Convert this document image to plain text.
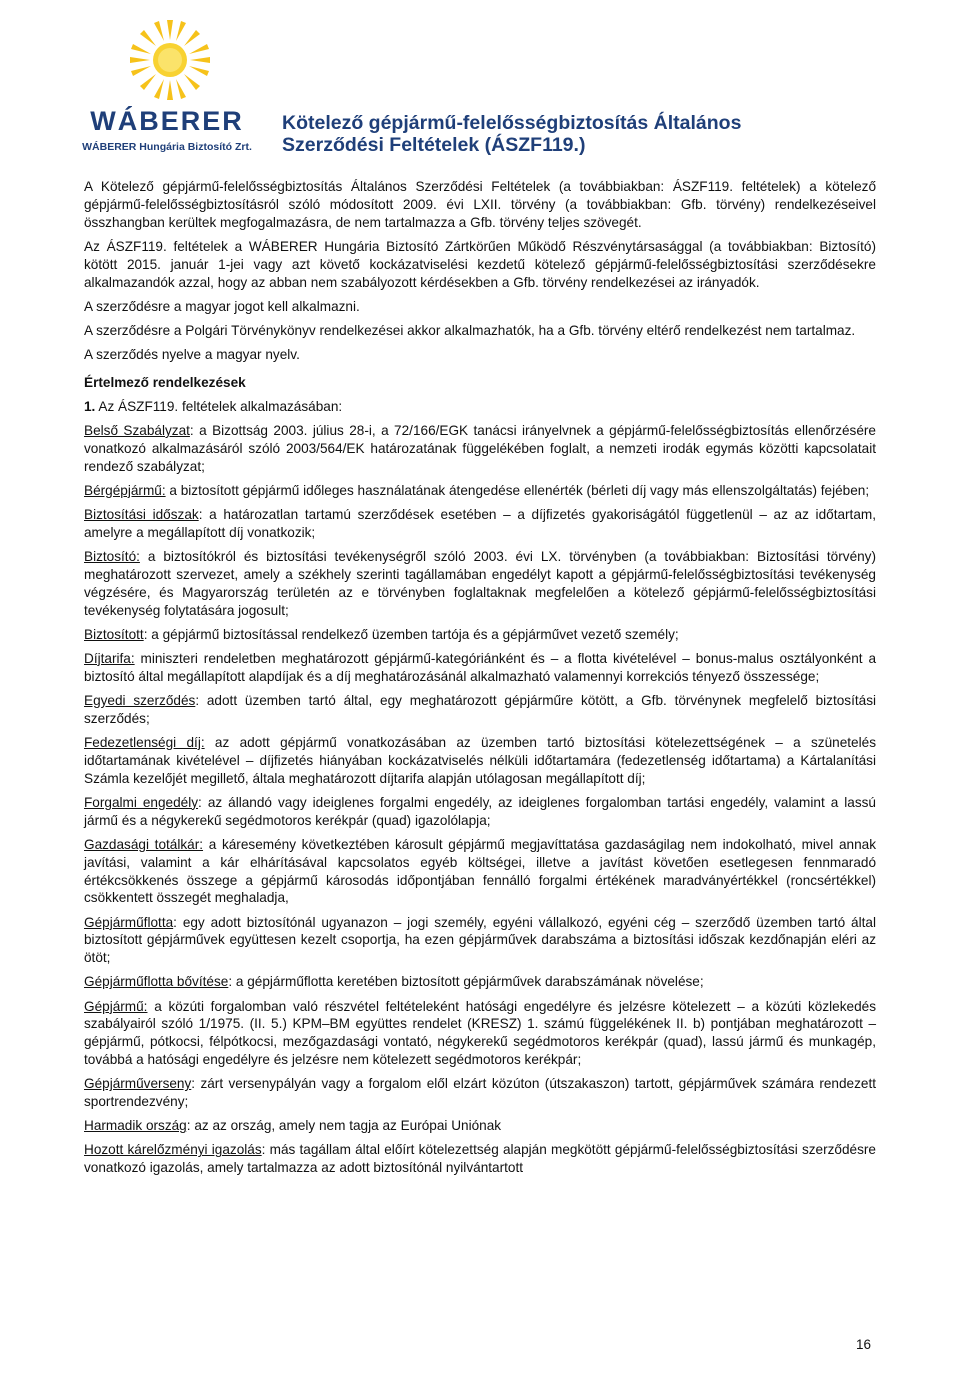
WÁBERER
WÁBERER Hungária Biztosító Zrt.
Kötelező gépjármű-felelősségbiztosítás Általános
Szerződési Feltételek (ÁSZF119.)

A Kötelező gépjármű-felelősségbiztosítás Általános Szerződési Feltételek (a továbbiakban: ÁSZF119. feltételek) a kötelező gépjármű-felelősségbiztosításról szóló módosított 2009. évi LXII. törvény (a továbbiakban: Gfb. törvény) rendelkezéseivel összhangban kerültek megfogalmazásra, de nem tartalmazza a Gfb. törvény teljes szövegét.

Az ÁSZF119. feltételek a WÁBERER Hungária Biztosító Zártkörűen Működő Részvénytársasággal (a továbbiakban: Biztosító) kötött 2015. január 1-jei vagy azt követő kockázatviselési kezdetű kötelező gépjármű-felelősségbiztosítási szerződésekre alkalmazandók azzal, hogy az abban nem szabályozott kérdésekben a Gfb. törvény rendelkezései az irányadók.

A szerződésre a magyar jogot kell alkalmazni.

A szerződésre a Polgári Törvénykönyv rendelkezései akkor alkalmazhatók, ha a Gfb. törvény eltérő rendelkezést nem tartalmaz.

A szerződés nyelve a magyar nyelv.

Értelmező rendelkezések

1. Az ÁSZF119. feltételek alkalmazásában:

Belső Szabályzat: a Bizottság 2003. július 28-i, a 72/166/EGK tanácsi irányelvnek a gépjármű-felelősségbiztosítás ellenőrzésére vonatkozó alkalmazásáról szóló 2003/564/EK határozatának függelékében foglalt, a nemzeti irodák egymás közötti kapcsolatait rendező szabályzat;

Bérgépjármű: a biztosított gépjármű időleges használatának átengedése ellenérték (bérleti díj vagy más ellenszolgáltatás) fejében;

Biztosítási időszak: a határozatlan tartamú szerződések esetében – a díjfizetés gyakoriságától függetlenül – az az időtartam, amelyre a megállapított díj vonatkozik;

Biztosító: a biztosítókról és biztosítási tevékenységről szóló 2003. évi LX. törvényben (a továbbiakban: Biztosítási törvény) meghatározott szervezet, amely a székhely szerinti tagállamában engedélyt kapott a gépjármű-felelősségbiztosítási tevékenység végzésére, és Magyarország területén az e törvényben foglaltaknak megfelelően a kötelező gépjármű-felelősségbiztosítási tevékenység folytatására jogosult;

Biztosított: a gépjármű biztosítással rendelkező üzemben tartója és a gépjárművet vezető személy;

Díjtarifa: miniszteri rendeletben meghatározott gépjármű-kategóriánként és – a flotta kivételével – bonus-malus osztályonként a biztosító által megállapított alapdíjak és a díj meghatározásánál alkalmazható valamennyi korrekciós tényező összessége;

Egyedi szerződés: adott üzemben tartó által, egy meghatározott gépjárműre kötött, a Gfb. törvénynek megfelelő biztosítási szerződés;

Fedezetlenségi díj: az adott gépjármű vonatkozásában az üzemben tartó biztosítási kötelezettségének – a szünetelés időtartamának kivételével – díjfizetés hiányában kockázatviselés nélküli időtartamára (fedezetlenség időtartama) a Kártalanítási Számla kezelőjét megillető, általa meghatározott díjtarifa alapján utólagosan megállapított díj;

Forgalmi engedély: az állandó vagy ideiglenes forgalmi engedély, az ideiglenes forgalomban tartási engedély, valamint a lassú jármű és a négykerekű segédmotoros kerékpár (quad) igazolólapja;

Gazdasági totálkár: a káresemény következtében károsult gépjármű megjavíttatása gazdaságilag nem indokolható, mivel annak javítási, valamint a kár elhárításával kapcsolatos egyéb költségei, illetve a javítást követően esetlegesen fennmaradó értékcsökkenés összege a gépjármű károsodás időpontjában fennálló forgalmi értékének maradványértékkel (roncsértékkel) csökkentett összegét meghaladja,

Gépjárműflotta: egy adott biztosítónál ugyanazon – jogi személy, egyéni vállalkozó, egyéni cég – szerződő üzemben tartó által biztosított gépjárművek együttesen kezelt csoportja, ha ezen gépjárművek darabszáma a biztosítási időszak kezdőnapján eléri az ötöt;

Gépjárműflotta bővítése: a gépjárműflotta keretében biztosított gépjárművek darabszámának növelése;

Gépjármű: a közúti forgalomban való részvétel feltételeként hatósági engedélyre és jelzésre kötelezett – a közúti közlekedés szabályairól szóló 1/1975. (II. 5.) KPM–BM együttes rendelet (KRESZ) 1. számú függelékének II. b) pontjában meghatározott – gépjármű, pótkocsi, félpótkocsi, mezőgazdasági vontató, négykerekű segédmotoros kerékpár (quad), lassú jármű és munkagép, továbbá a hatósági engedélyre és jelzésre nem kötelezett segédmotoros kerékpár;

Gépjárműverseny: zárt versenypályán vagy a forgalom elől elzárt közúton (útszakaszon) tartott, gépjárművek számára rendezett sportrendezvény;

Harmadik ország: az az ország, amely nem tagja az Európai Uniónak

Hozott kárelőzményi igazolás: más tagállam által előírt kötelezettség alapján megkötött gépjármű-felelősségbiztosítási szerződésre vonatkozó igazolás, amely tartalmazza az adott biztosítónál nyilvántartott

16
